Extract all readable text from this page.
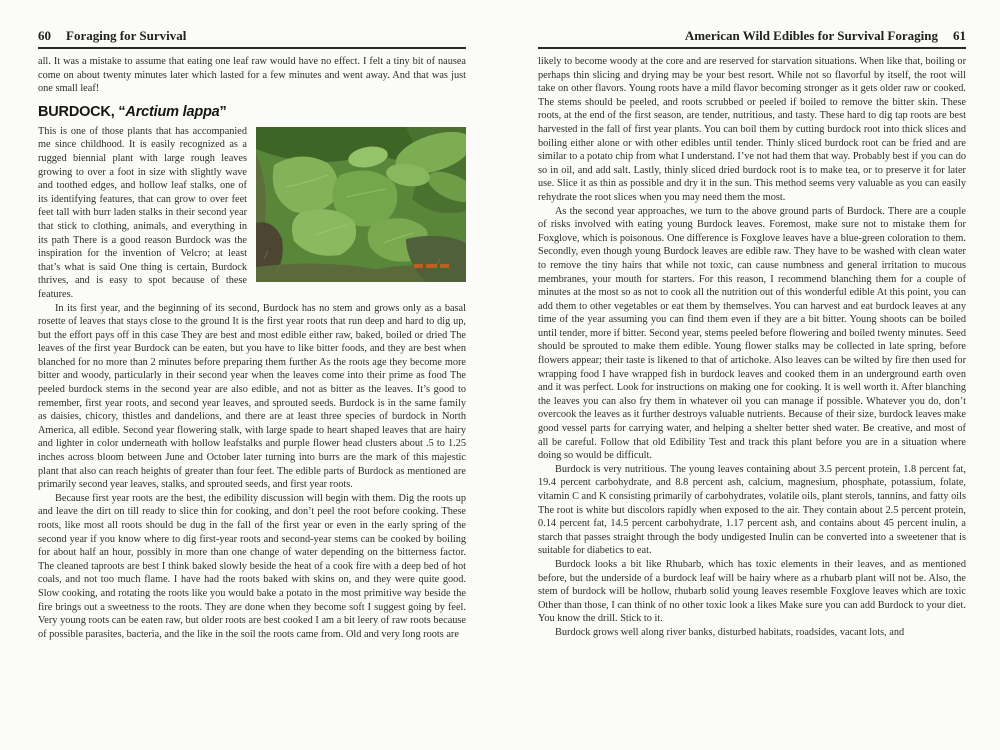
60 Foraging for Survival

all. It was a mistake to assume that eating one leaf raw would have no effect. I felt a tiny bit of nausea come on about twenty minutes later which lasted for a few minutes and went away. And that was just one small leaf!

BURDOCK, “Arctium lappa”

This is one of those plants that has accompanied me since childhood. It is easily recognized as a rugged biennial plant with large rough leaves growing to over a foot in size with slightly wave and toothed edges, and hollow leaf stalks, one of its identifying features, that can grow to over feet feet tall with burr laden stalks in their second year that stick to clothing, animals, and everything in its path There is a good reason Burdock was the inspiration for the invention of Velcro; at least that’s what is said One thing is certain, Burdock thrives, and is easy to spot because of these features.

In its first year, and the beginning of its second, Burdock has no stem and grows only as a basal rosette of leaves that stays close to the ground It is the first year roots that run deep and hard to dig up, but the effort pays off in this case They are best and most edible either raw, baked, boiled or dried The leaves of the first year Burdock can be eaten, but you have to like bitter foods, and they are best when blanched for no more than 2 minutes before preparing them further As the roots age they become more bitter and woody, particularly in their second year when the leaves come into their prime as food The peeled burdock stems in the second year are also edible, and not as bitter as the leaves. It’s good to remember, first year roots, and second year leaves, and sprouted seeds. Burdock is in the same family as daisies, chicory, thistles and dandelions, and there are at least three species of burdock in North America, all edible. Second year flowering stalk, with large spade to heart shaped leaves that are hairy and lighter in color underneath with hollow leafstalks and purple flower head clusters about .5 to 1.25 inches across bloom between June and October later turning into burrs are the mark of this majestic plant that also can reach heights of greater than four feet. The edible parts of Burdock as mentioned are primarily second year leaves, stalks, and sprouted seeds, and first year roots.

Because first year roots are the best, the edibility discussion will begin with them. Dig the roots up and leave the dirt on till ready to slice thin for cooking, and don’t peel the root before cooking. These roots, like most all roots should be dug in the fall of the first year or even in the early spring of the second year if you know where to dig first-year roots and second-year stems can be cooked by boiling for about half an hour, possibly in more than one change of water depending on the bitterness factor. The cleaned taproots are best I think baked slowly beside the heat of a cook fire with a deep bed of hot coals, and not too much flame. I have had the roots baked with skins on, and they were quite good. Slow cooking, and rotating the roots like you would bake a potato in the most primitive way beside the fire brings out a sweetness to the roots. They are done when they become soft I suggest going by feel. Very young roots can be eaten raw, but older roots are best cooked I am a bit leery of raw roots because of possible parasites, bacteria, and the like in the soil the roots came from. Old and very long roots are

American Wild Edibles for Survival Foraging 61

likely to become woody at the core and are reserved for starvation situations. When like that, boiling or perhaps thin slicing and drying may be your best resort. While not so flavorful by itself, the root will take on other flavors. Young roots have a mild flavor becoming stronger as it gets older raw or cooked. The stems should be peeled, and roots scrubbed or peeled if boiled to remove the bitter skin. These roots, at the end of the first season, are tender, nutritious, and tasty. These hard to dig tap roots are best harvested in the fall of first year plants. You can boil them by cutting burdock root into thick slices and boiling either alone or with other edibles until tender. Thinly sliced burdock root can be fried and are similar to a potato chip from what I understand. I’ve not had them that way. Probably best if you can do so in oil, and add salt. Lastly, thinly sliced dried burdock root is to make tea, or to preserve it for later use. Slice it as thin as possible and dry it in the sun. This method seems very valuable as you can easily rehydrate the root slices when you may need them the most.

As the second year approaches, we turn to the above ground parts of Burdock. There are a couple of risks involved with eating young Burdock leaves. Foremost, make sure not to mistake them for Foxglove, which is poisonous. One difference is Foxglove leaves have a blue-green coloration to them. Secondly, even though young Burdock leaves are edible raw. They have to be washed with clean water to remove the tiny hairs that while not toxic, can cause numbness and general irritation to mucous membranes, your mouth for starters. For this reason, I recommend blanching them for a couple of minutes at the most so as not to cook all the nutrition out of this wonderful edible At this point, you can add them to other vegetables or eat them by themselves. You can harvest and eat burdock leaves at any time of the year assuming you can find them even if they are a bit bitter. Young shoots can be boiled until tender, more if bitter. Second year, stems peeled before flowering and boiled twenty minutes. Seed should be sprouted to make them edible. Young flower stalks may be collected in late spring, before flowers appear; their taste is likened to that of artichoke. Also leaves can be wilted by fire then used for wrapping food I have wrapped fish in burdock leaves and cooked them in an underground earth oven and it was perfect. Look for instructions on making one for cooking. It is well worth it. After blanching the leaves you can also fry them in whatever oil you can manage if possible. Whatever you do, don’t overcook the leaves as it further destroys valuable nutrients. Because of their size, burdock leaves make good vessel parts for carrying water, and helping a shelter better shed water. Be creative, and most of all be careful. Follow that old Edibility Test and track this plant before you are in a situation where doing so would be difficult.

Burdock is very nutritious. The young leaves containing about 3.5 percent protein, 1.8 percent fat, 19.4 percent carbohydrate, and 8.8 percent ash, calcium, magnesium, phosphate, potassium, folate, vitamin C and K consisting primarily of carbohydrates, volatile oils, plant sterols, tannins, and fatty oils The root is white but discolors rapidly when exposed to the air. They contain about 2.5 percent protein, 0.14 percent fat, 14.5 percent carbohydrate, 1.17 percent ash, and contains about 45 percent inulin, a starch that passes straight through the body undigested Inulin can be converted into a sweetener that is suitable for diabetics to eat.

Burdock looks a bit like Rhubarb, which has toxic elements in their leaves, and as mentioned before, but the underside of a burdock leaf will be hairy where as a rhubarb plant will not be. Also, the stem of burdock will be hollow, rhubarb solid young leaves resemble Foxglove leaves which are toxic Other than those, I can think of no other toxic look a likes Make sure you can add Burdock to your diet. You know the drill. Stick to it.

Burdock grows well along river banks, disturbed habitats, roadsides, vacant lots, and
